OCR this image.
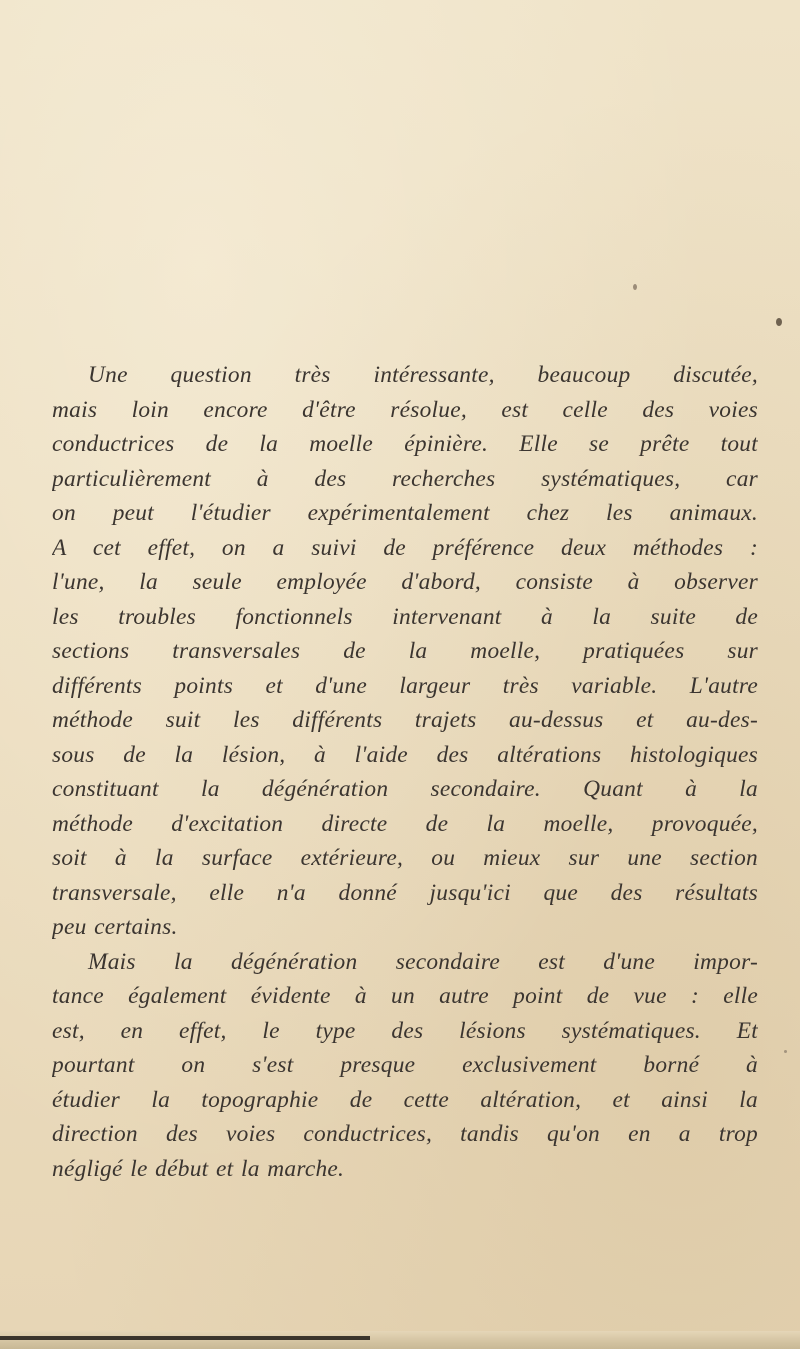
Une question très intéressante, beaucoup discutée,
mais loin encore d'être résolue, est celle des voies
conductrices de la moelle épinière. Elle se prête tout
particulièrement à des recherches systématiques, car
on peut l'étudier expérimentalement chez les animaux.
A cet effet, on a suivi de préférence deux méthodes :
l'une, la seule employée d'abord, consiste à observer
les troubles fonctionnels intervenant à la suite de
sections transversales de la moelle, pratiquées sur
différents points et d'une largeur très variable. L'autre
méthode suit les différents trajets au-dessus et au-des-
sous de la lésion, à l'aide des altérations histologiques
constituant la dégénération secondaire. Quant à la
méthode d'excitation directe de la moelle, provoquée,
soit à la surface extérieure, ou mieux sur une section
transversale, elle n'a donné jusqu'ici que des résultats
peu certains.
Mais la dégénération secondaire est d'une impor-
tance également évidente à un autre point de vue : elle
est, en effet, le type des lésions systématiques. Et
pourtant on s'est presque exclusivement borné à
étudier la topographie de cette altération, et ainsi la
direction des voies conductrices, tandis qu'on en a trop
négligé le début et la marche.
